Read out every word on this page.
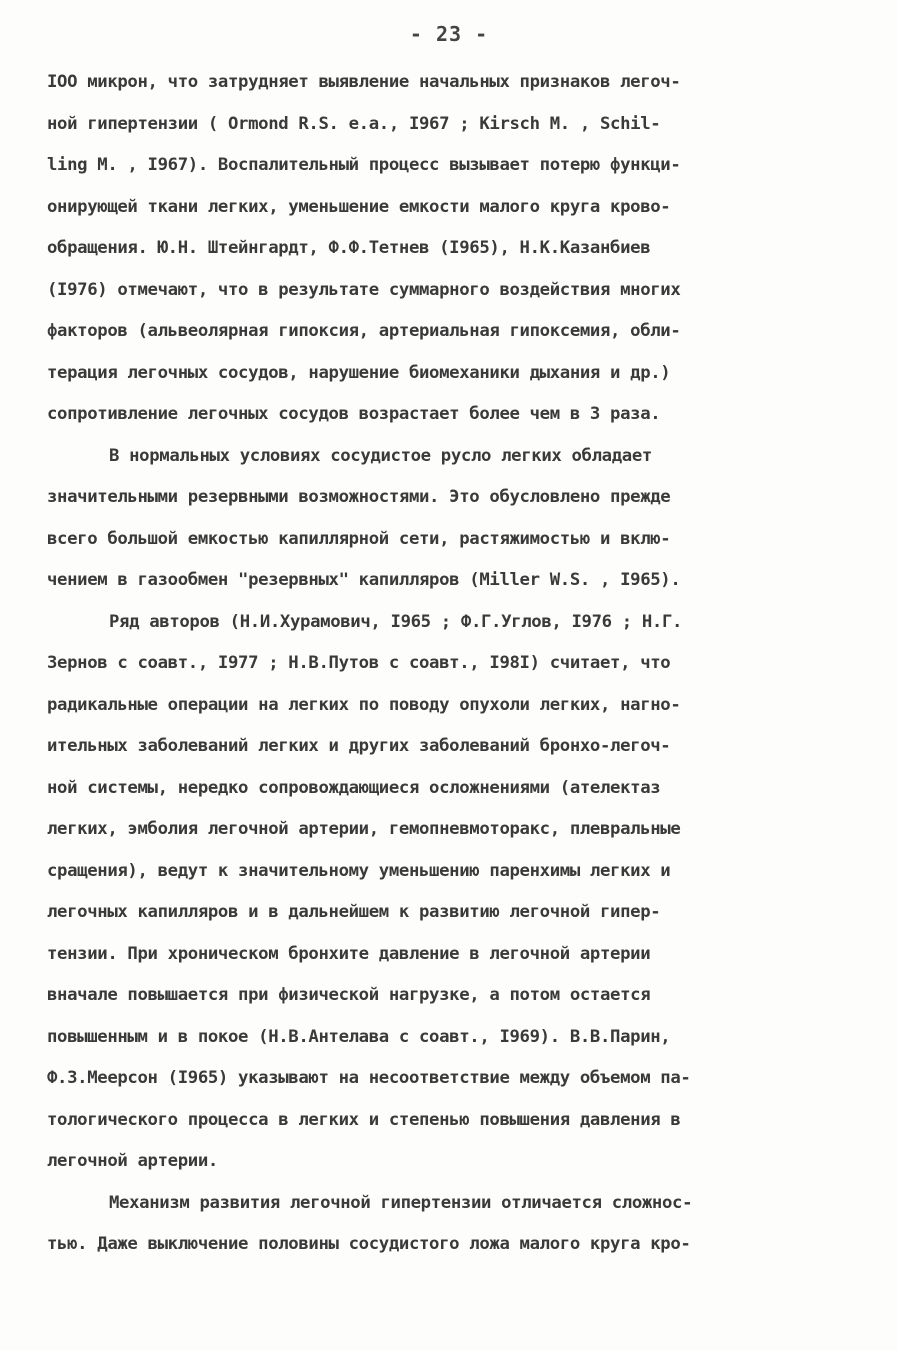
- 23 -
IOO микрон, что затрудняет выявление начальных признаков легоч-
ной гипертензии ( Ormond R.S. e.a., I967 ; Kirsch M. , Schil-
ling M. , I967). Воспалительный процесс вызывает потерю функци-
онирующей ткани легких, уменьшение емкости малого круга крово-
обращения. Ю.Н. Штейнгардт, Ф.Ф.Тетнев (I965), Н.К.Казанбиев
(I976) отмечают, что в результате суммарного воздействия многих
факторов (альвеолярная гипоксия, артериальная гипоксемия, обли-
терация легочных сосудов, нарушение биомеханики дыхания и др.)
сопротивление легочных сосудов возрастает более чем в 3 раза.
В нормальных условиях сосудистое русло легких обладает
значительными резервными возможностями. Это обусловлено прежде
всего большой емкостью капиллярной сети, растяжимостью и вклю-
чением в газообмен "резервных" капилляров (Miller W.S. , I965).
Ряд авторов (Н.И.Хурамович, I965 ; Ф.Г.Углов, I976 ; Н.Г.
Зернов с соавт., I977 ; Н.В.Путов с соавт., I98I) считает, что
радикальные операции на легких по поводу опухоли легких, нагно-
ительных заболеваний легких и других заболеваний бронхо-легоч-
ной системы, нередко сопровождающиеся осложнениями (ателектаз
легких, эмболия легочной артерии, гемопневмоторакс, плевральные
сращения), ведут к значительному уменьшению паренхимы легких и
легочных капилляров и в дальнейшем к развитию легочной гипер-
тензии. При хроническом бронхите давление в легочной артерии
вначале повышается при физической нагрузке, а потом остается
повышенным и в покое (Н.В.Антелава с соавт., I969). В.В.Парин,
Ф.З.Меерсон (I965) указывают на несоответствие между объемом па-
тологического процесса в легких и степенью повышения давления в
легочной артерии.
Механизм развития легочной гипертензии отличается сложнос-
тью. Даже выключение половины сосудистого ложа малого круга кро-
